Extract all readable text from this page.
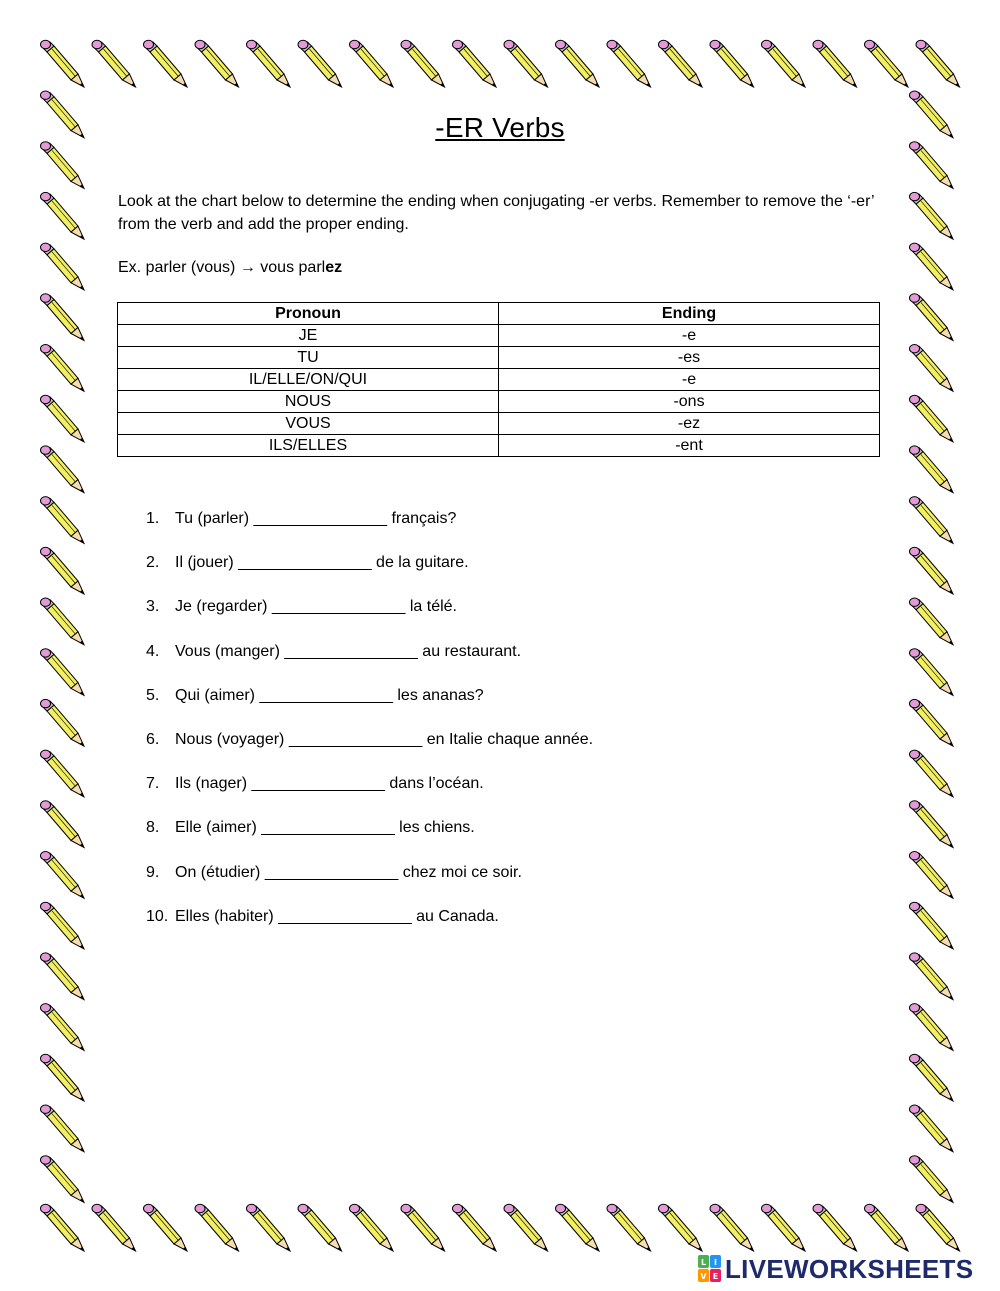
-ER Verbs
Look at the chart below to determine the ending when conjugating -er verbs. Remember to remove the ‘-er’ from the verb and add the proper ending.
Ex. parler (vous) → vous parlez
Pronoun	Ending
JE	-e
TU	-es
IL/ELLE/ON/QUI	-e
NOUS	-ons
VOUS	-ez
ILS/ELLES	-ent
1. Tu (parler) _______________ français?
2. Il (jouer) _______________ de la guitare.
3. Je (regarder) _______________ la télé.
4. Vous (manger) _______________ au restaurant.
5. Qui (aimer) _______________ les ananas?
6. Nous (voyager) _______________ en Italie chaque année.
7. Ils (nager) _______________ dans l’océan.
8. Elle (aimer) _______________ les chiens.
9. On (étudier) _______________ chez moi ce soir.
10. Elles (habiter) _______________ au Canada.
L I
V E LIVEWORKSHEETS
